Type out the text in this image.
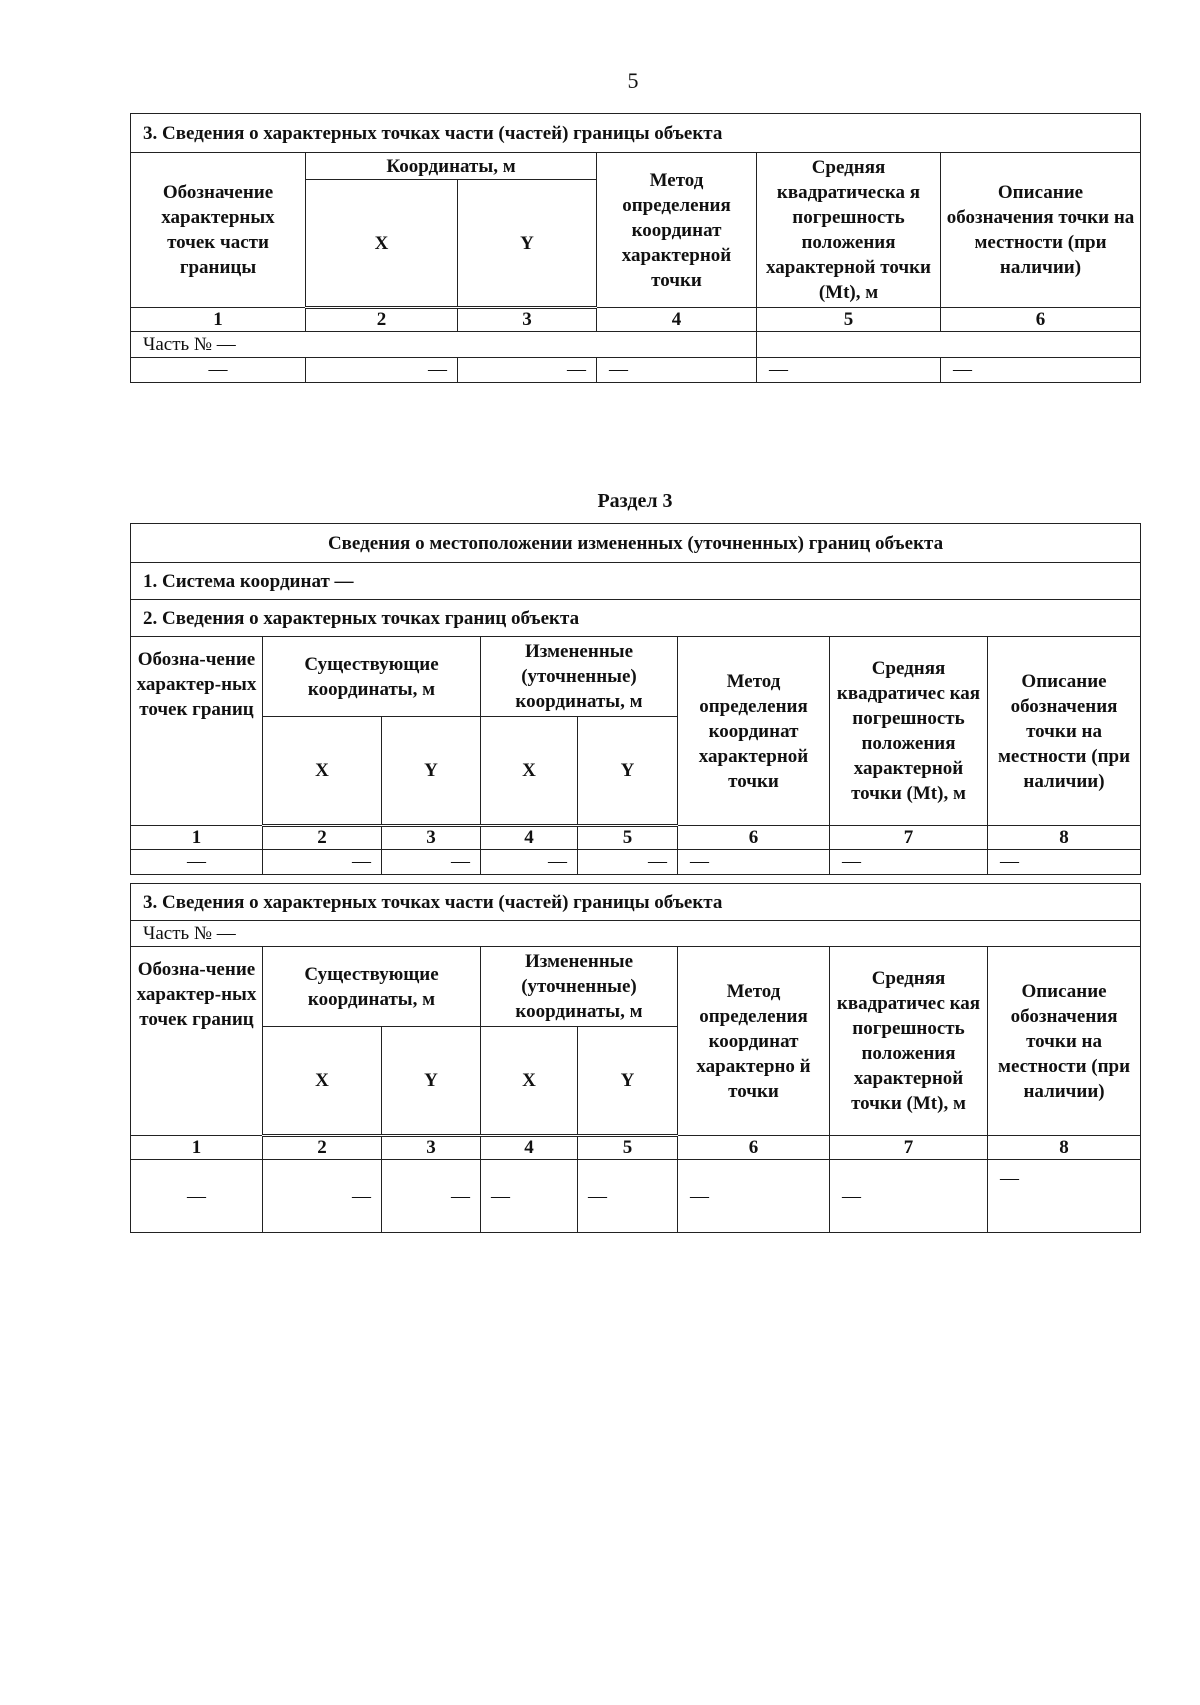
5
3. Сведения о характерных точках части (частей) границы объекта					
Обозначение характерных точек части границы	Координаты, м		Метод определения координат характерной точки	Средняя квадратическа я погрешность положения характерной точки (Mt), м	Описание обозначения точки на местности (при наличии)
	X	Y			
1	2	3	4	5	6
Часть № —					
—	—	—	—	—	—
Раздел 3
Сведения о местоположении измененных (уточненных) границ объекта							
1. Система координат —							
2. Сведения о характерных точках границ объекта							
Обозна-чение характер-ных точек границ	Существующие координаты, м		Измененные (уточненные) координаты, м		Метод определения координат характерной точки	Средняя квадратичес кая погрешность положения характерной точки (Mt), м	Описание обозначения точки на местности (при наличии)
	X	Y	X	Y			
1	2	3	4	5	6	7	8
—	—	—	—	—	—	—	—
3. Сведения о характерных точках части (частей) границы объекта							
Часть № —							
Обозна-чение характер-ных точек границ	Существующие координаты, м		Измененные (уточненные) координаты, м		Метод определения координат характерно й точки	Средняя квадратичес кая погрешность положения характерной точки (Mt), м	Описание обозначения точки на местности (при наличии)
	X	Y	X	Y			
1	2	3	4	5	6	7	8
—	—	—	—	—	—	—	—
